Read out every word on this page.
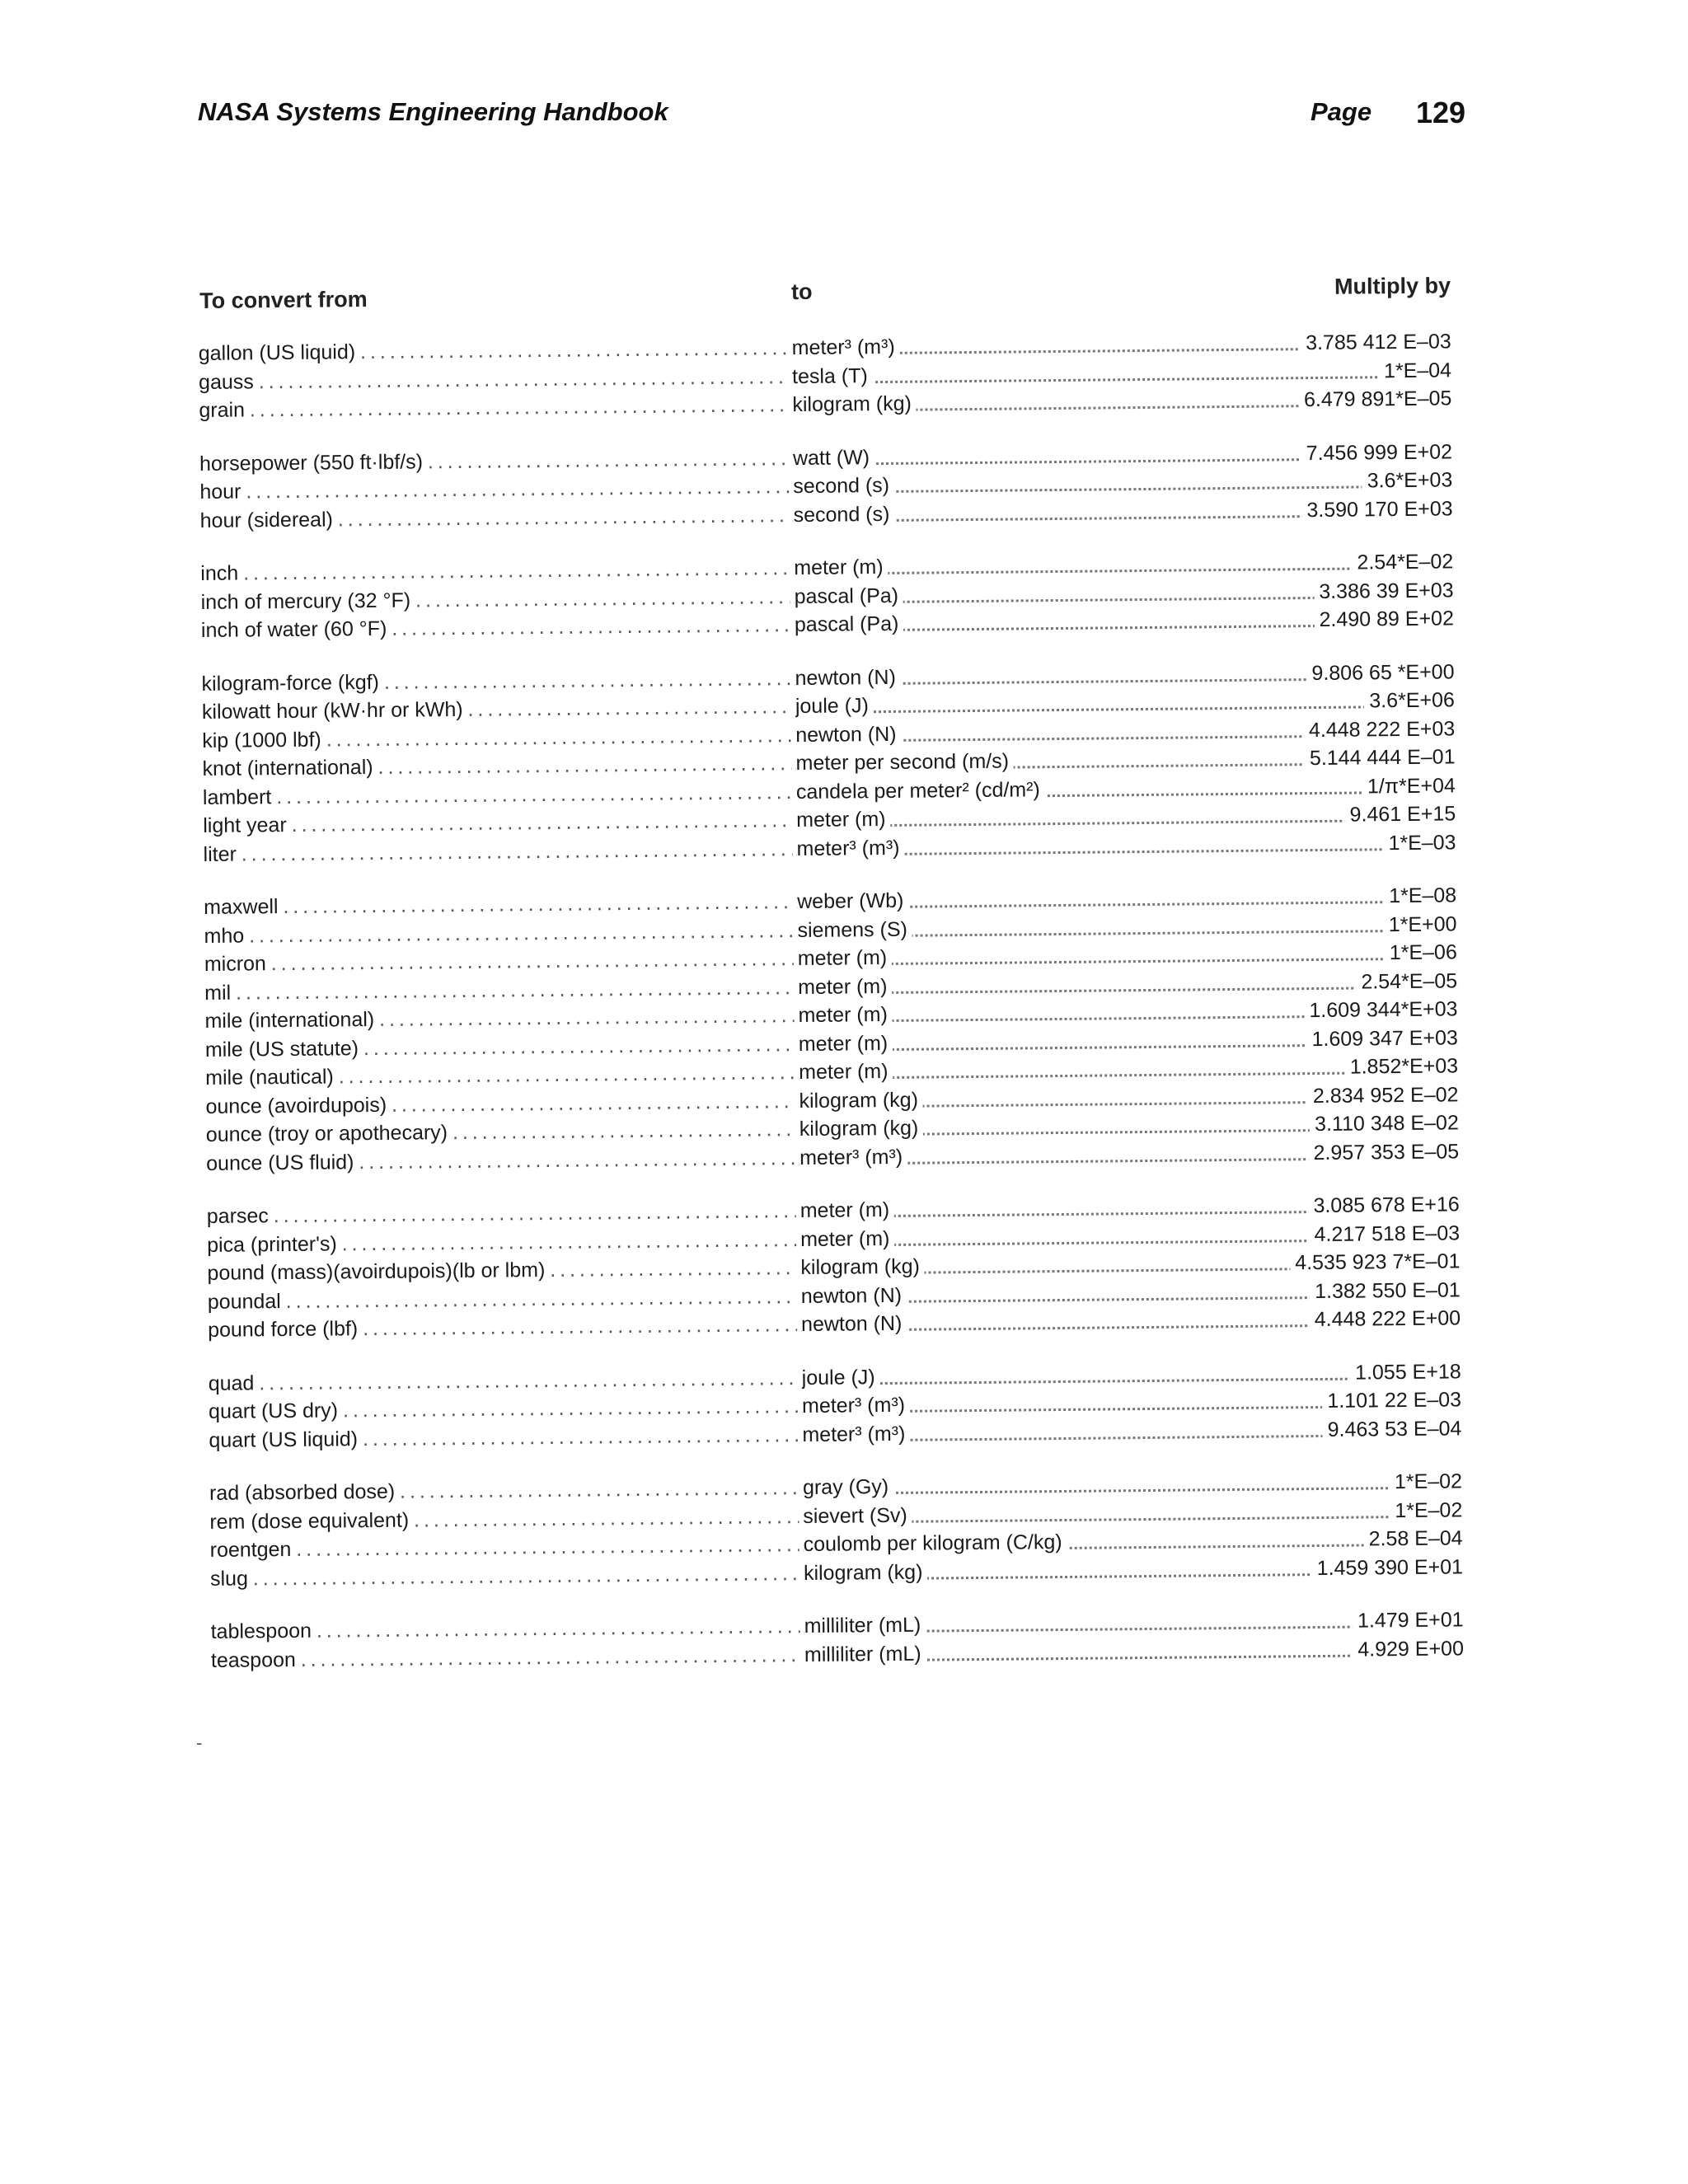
NASA Systems Engineering Handbook	Page 129
To convert from	to	Multiply by
gallon (US liquid) . . .	meter³ (m³)	3.785 412 E–03
gauss . . .	tesla (T)	1*E–04
grain . . .	kilogram (kg)	6.479 891*E–05
horsepower (550 ft·lbf/s) . . .	watt (W)	7.456 999 E+02
hour . . .	second (s)	3.6*E+03
hour (sidereal) . . .	second (s)	3.590 170 E+03
inch . . .	meter (m)	2.54*E–02
inch of mercury (32 °F) . . .	pascal (Pa)	3.386 39 E+03
inch of water (60 °F) . . .	pascal (Pa)	2.490 89 E+02
kilogram-force (kgf) . . .	newton (N)	9.806 65 *E+00
kilowatt hour (kW·hr or kWh) . . .	joule (J)	3.6*E+06
kip (1000 lbf) . . .	newton (N)	4.448 222 E+03
knot (international) . . .	meter per second (m/s)	5.144 444 E–01
lambert . . .	candela per meter² (cd/m²)	1/π*E+04
light year . . .	meter (m)	9.461 E+15
liter . . .	meter³ (m³)	1*E–03
maxwell . . .	weber (Wb)	1*E–08
mho . . .	siemens (S)	1*E+00
micron . . .	meter (m)	1*E–06
mil . . .	meter (m)	2.54*E–05
mile (international) . . .	meter (m)	1.609 344*E+03
mile (US statute) . . .	meter (m)	1.609 347 E+03
mile (nautical) . . .	meter (m)	1.852*E+03
ounce (avoirdupois) . . .	kilogram (kg)	2.834 952 E–02
ounce (troy or apothecary) . . .	kilogram (kg)	3.110 348 E–02
ounce (US fluid) . . .	meter³ (m³)	2.957 353 E–05
parsec . . .	meter (m)	3.085 678 E+16
pica (printer's) . . .	meter (m)	4.217 518 E–03
pound (mass)(avoirdupois)(lb or lbm) . . .	kilogram (kg)	4.535 923 7*E–01
poundal . . .	newton (N)	1.382 550 E–01
pound force (lbf) . . .	newton (N)	4.448 222 E+00
quad . . .	joule (J)	1.055 E+18
quart (US dry) . . .	meter³ (m³)	1.101 22 E–03
quart (US liquid) . . .	meter³ (m³)	9.463 53 E–04
rad (absorbed dose) . . .	gray (Gy)	1*E–02
rem (dose equivalent) . . .	sievert (Sv)	1*E–02
roentgen . . .	coulomb per kilogram (C/kg)	2.58 E–04
slug . . .	kilogram (kg)	1.459 390 E+01
tablespoon . . .	milliliter (mL)	1.479 E+01
teaspoon . . .	milliliter (mL)	4.929 E+00
-
